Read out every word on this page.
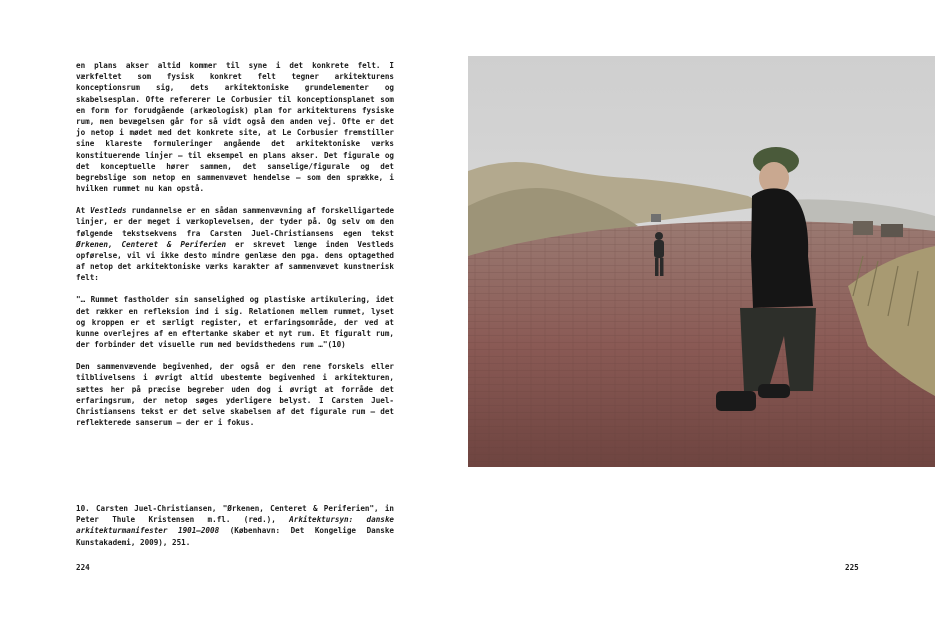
en plans akser altid kommer til syne i det konkrete felt. I værkfeltet som fysisk konkret felt tegner arkitekturens konceptionsrum sig, dets arkitektoniske grundelementer og skabelsesplan. Ofte refererer Le Corbusier til konceptionsplanet som en form for forudgående (arkæologisk) plan for arkitekturens fysiske rum, men bevægelsen går for så vidt også den anden vej. Ofte er det jo netop i mødet med det konkrete site, at Le Corbusier fremstiller sine klareste formuleringer angående det arkitektoniske værks konstituerende linjer — til eksempel en plans akser. Det figurale og det konceptuelle hører sammen, det sanselige/figurale og det begrebslige som netop en sammenvævet hendelse — som den sprække, i hvilken rummet nu kan opstå.

At Vestleds rundannelse er en sådan sammenvævning af forskelligartede linjer, er der meget i værkoplevelsen, der tyder på. Og selv om den følgende tekstsekvens fra Carsten Juel-Christiansens egen tekst Ørkenen, Centeret & Periferien er skrevet længe inden Vestleds opførelse, vil vi ikke desto mindre genlæse den pga. dens optagethed af netop det arkitektoniske værks karakter af sammenvævet kunstnerisk felt:

"… Rummet fastholder sin sanselighed og plastiske artikulering, idet det rækker en refleksion ind i sig. Relationen mellem rummet, lyset og kroppen er et særligt register, et erfaringsområde, der ved at kunne overlejres af en eftertanke skaber et nyt rum. Et figuralt rum, der forbinder det visuelle rum med bevidsthedens rum …"(10)

Den sammenvævende begivenhed, der også er den rene forskels eller tilblivelsens i øvrigt altid ubestemte begivenhed i arkitekturen, sættes her på præcise begreber uden dog i øvrigt at forråde det erfaringsrum, der netop søges yderligere belyst. I Carsten Juel-Christiansens tekst er det selve skabelsen af det figurale rum — det reflekterede sanserum — der er i fokus.

10. Carsten Juel-Christiansen, "Ørkenen, Centeret & Periferien", in Peter Thule Kristensen m.fl. (red.), Arkitektursyn: danske arkitekturmanifester 1901–2008 (København: Det Kongelige Danske Kunstakademi, 2009), 251.
224	225
